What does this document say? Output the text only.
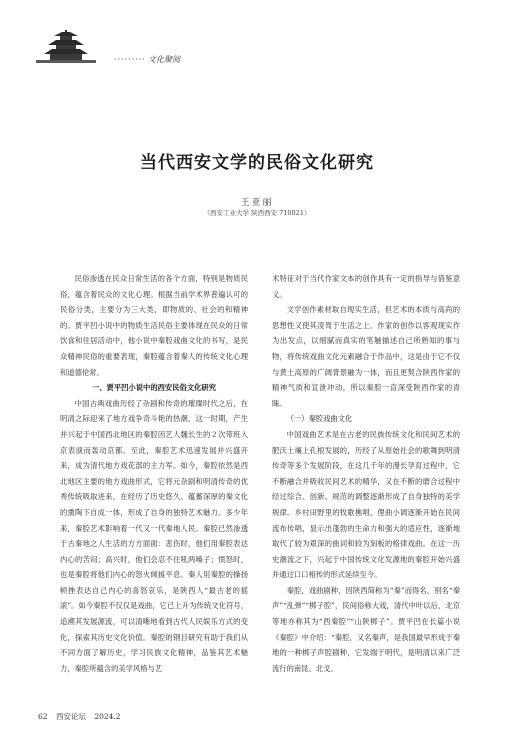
········· 文化聚阅
当代西安文学的民俗文化研究
王亚丽
（西安工业大学 陕西西安 710021）

民俗渗透在民众日常生活的各个方面，特别是物质民俗，蕴含着民众的文化心理。根据当前学术界普遍认可的民俗分类，主要分为三大类，即物质的、社会的和精神的。贾平凹小说中的物质生活民俗主要体现在民众的日常饮食和住居活动中，他小说中秦腔戏曲文化的书写，是民众精神民俗的重要表现，秦腔蕴含着秦人的传统文化心理和道德伦常。

一、贾平凹小说中的西安民俗文化研究

中国古典戏曲历经了杂剧和传奇的璀璨时代之后，在明清之际迎来了地方戏争奇斗艳的热潮，这一时期，产生并兴起于中国西北地区的秦腔因艺人魏长生的２次带班入京表演而轰动京都。至此，秦腔艺术迅速发展并兴盛开来，成为清代地方戏花部的主力军。如今，秦腔依然是西北地区主要的地方戏曲形式，它将元杂剧和明清传奇的优秀传统吸取进来，在经历了历史悠久、蕴蓄深厚的秦文化的熏陶下自成一体，形成了自身的独特艺术魅力。多少年来，秦腔艺术影响着一代又一代秦地人民。秦腔已然渗透于古秦地之人生活的方方面面：悲伤时，他们用秦腔表达内心的苦闷；高兴时，他们会忍不住吼两嗓子；愤怒时，也是秦腔将他们内心的怒火倾援平息。秦人用秦腔的操扬顿挫表达自己内心的喜怒哀乐，是陕西人“最古老的摇滚”。如今秦腔不仅仅是戏曲，它已上升为传统文化符号，追溯其发展源流，可以清晰地看到古代人民娱乐方式的变化，探索其历史文化价值。秦腔的钢目研究有助于我们从不同方面了解历史，学习民族文化精神，品鉴其艺术魅力，秦腔所蕴含的美学风格与艺

术特征对于当代作家文本的创作具有一定的指导与借鉴意义。

文学创作素材取自现实生活，但艺术的本质与高尚的思想性又使其凌驾于生活之上。作家的创作以客观现实作为出发点，以细腻而真实的笔触描述自己所熟知的事与物，将传统戏曲文化元素融合于作品中，这是由于它不仅与黄土高原的广阔背景融为一体，而且更契合陕西作家的精神气质和宣泄冲动，所以秦腔一直深受陕西作家的青睐。

（一）秦腔戏曲文化

中国戏曲艺术是在古老的民族传统文化和民间艺术的肥沃土壤上孔根发展的，历经了从原始社会的歌舞到明清传奇等多个发展阶段，在这几千年的漫长孕育过程中，它不断融合并吸收民间艺术的精华，又在不断的磨合过程中经过综合、创新、规范的调整逐渐形成了自身独特的美学规律。乡村田野里的牧歌樵唱、俚曲小调逐渐开始在民间流布传唱，显示出蓬勃的生命力和强大的适应性，逐渐地取代了较为艰深的曲词和较为刻板的格律戏曲。在这一历史潮流之下，兴起于中国传统文化发源地的秦腔开始兴盛并通过口口相传的形式延续至今。

秦腔，戏曲剧种，因陕西简称为“秦”而得名，别名“秦声”“乱弹”“梆子腔”，民间俗称大戏，清代中叶以后，北京等地亦称其为“西秦腔”“山陕梆子”。贾平凹在长篇小说《秦腔》中介绍：“秦腔，又名秦声，是我国最早形成于秦地的一种梆子声腔剧种，它发端于明代，是明清以来广泛流行的南昆、北戈、

62 西安论坛 2024.2
